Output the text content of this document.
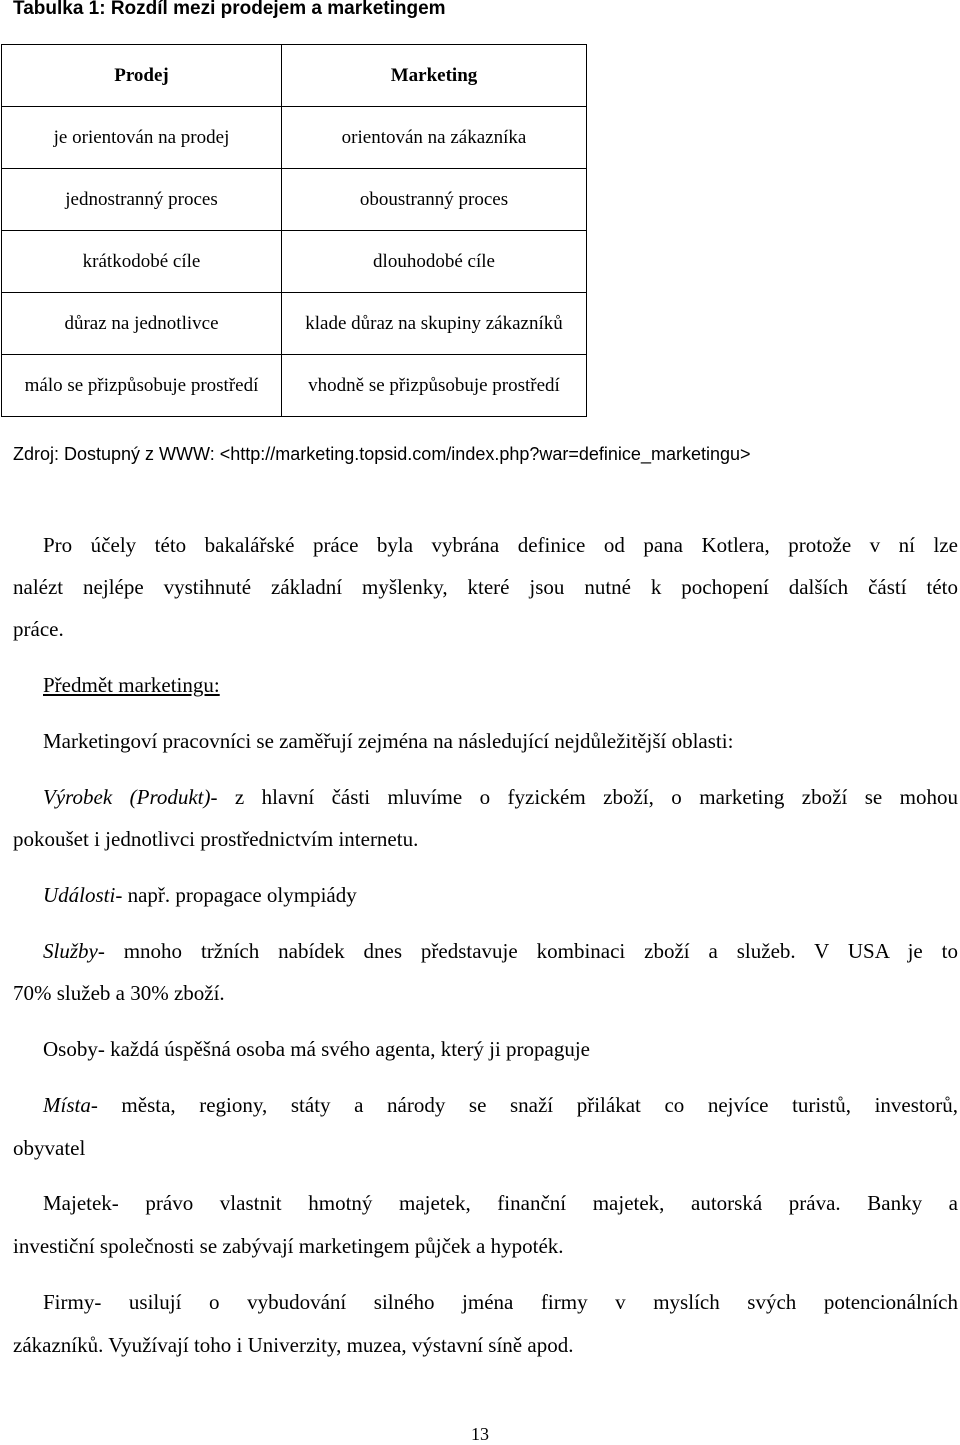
Tabulka 1: Rozdíl mezi prodejem a marketingem
Prodej	Marketing
je orientován na prodej	orientován na zákazníka
jednostranný proces	oboustranný proces
krátkodobé cíle	dlouhodobé cíle
důraz na jednotlivce	klade důraz na skupiny zákazníků
málo se přizpůsobuje prostředí	vhodně se přizpůsobuje prostředí
Zdroj: Dostupný z WWW: <http://marketing.topsid.com/index.php?war=definice_marketingu>
Pro účely této bakalářské práce byla vybrána definice od pana Kotlera, protože v ní lze
nalézt nejlépe vystihnuté základní myšlenky, které jsou nutné k pochopení dalších částí této
práce.
Předmět marketingu:
Marketingoví pracovníci se zaměřují zejména na následující nejdůležitější oblasti:
Výrobek (Produkt)- z hlavní části mluvíme o fyzickém zboží, o marketing zboží se mohou
pokoušet i jednotlivci prostřednictvím internetu.
Události- např. propagace olympiády
Služby- mnoho tržních nabídek dnes představuje kombinaci zboží a služeb. V USA je to
70% služeb a 30% zboží.
Osoby- každá úspěšná osoba má svého agenta, který ji propaguje
Místa- města, regiony, státy a národy se snaží přilákat co nejvíce turistů, investorů,
obyvatel
Majetek- právo vlastnit hmotný majetek, finanční majetek, autorská práva. Banky a
investiční společnosti se zabývají marketingem půjček a hypoték.
Firmy- usilují o vybudování silného jména firmy v myslích svých potencionálních
zákazníků. Využívají toho i Univerzity, muzea, výstavní síně apod.
13
